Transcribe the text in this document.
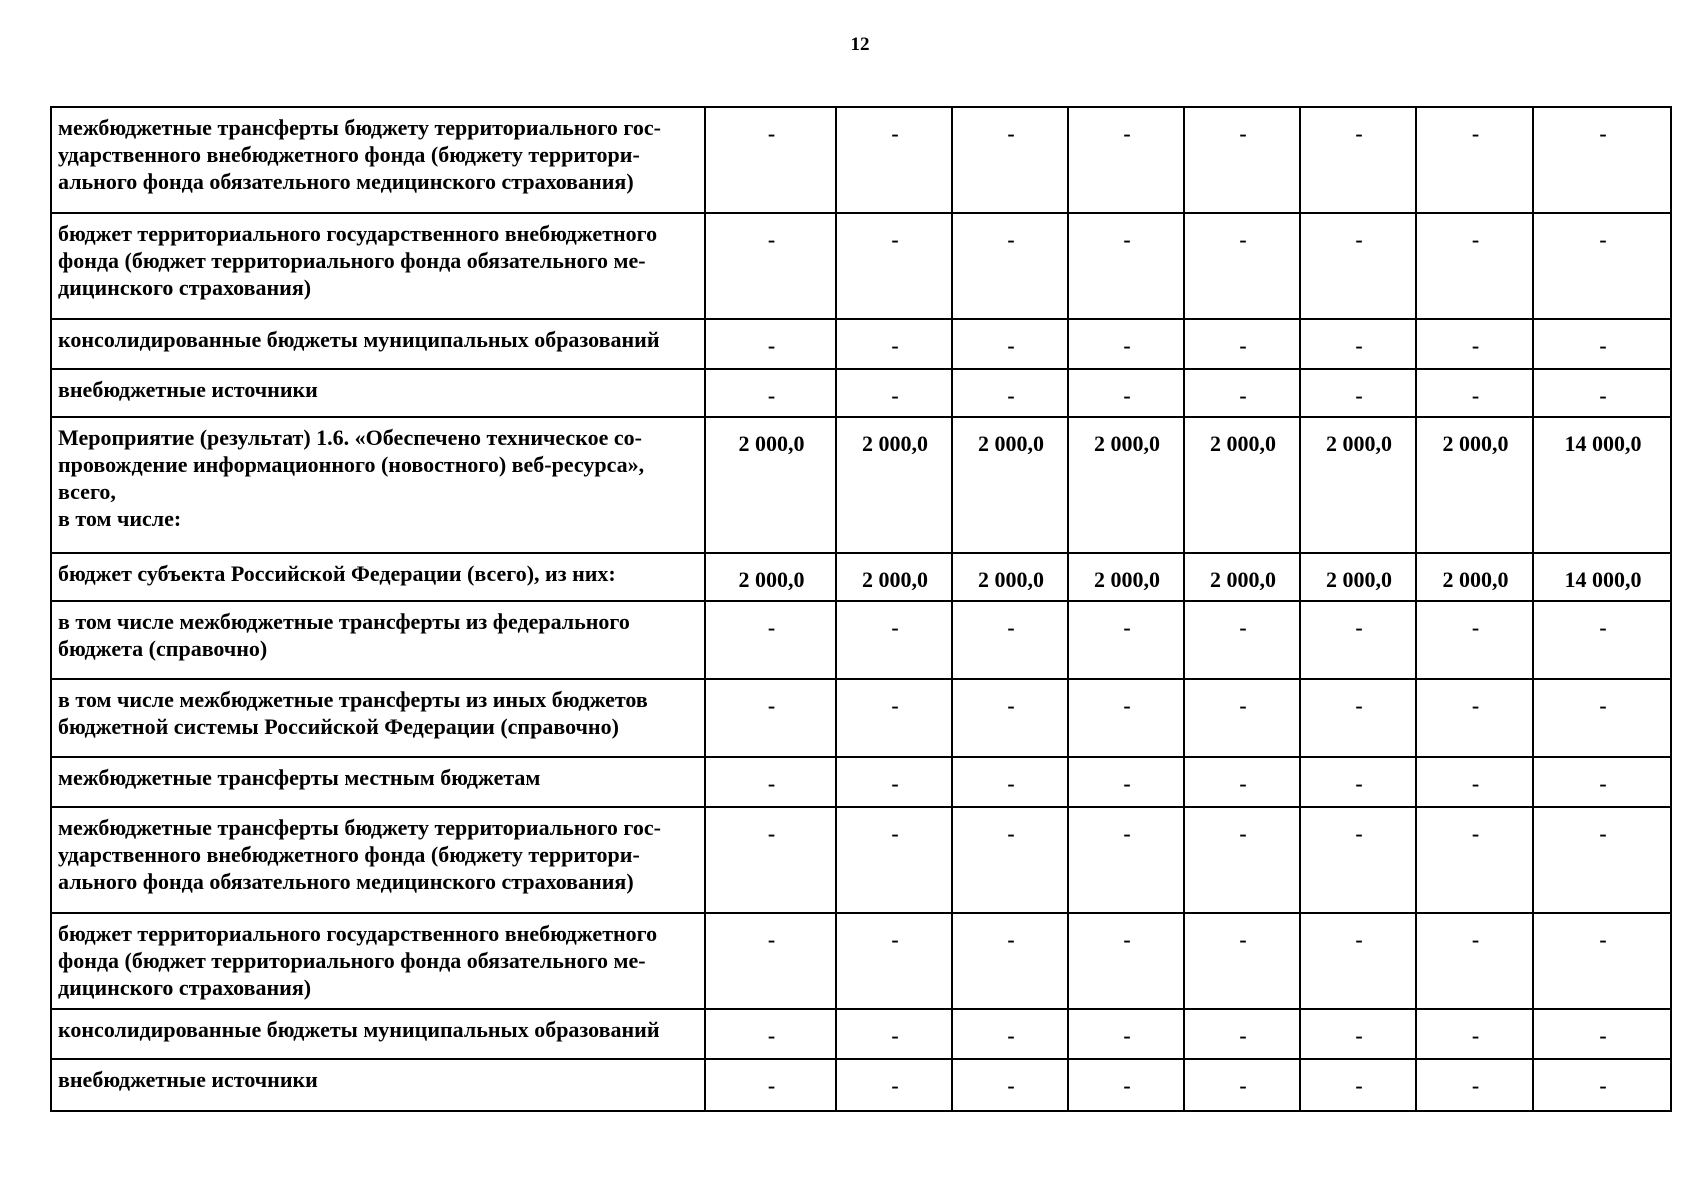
12
межбюджетные трансферты бюджету территориального гос-
ударственного внебюджетного фонда (бюджету территори-
ального фонда обязательного медицинского страхования)	-	-	-	-	-	-	-	-

бюджет территориального государственного внебюджетного
фонда (бюджет территориального фонда обязательного ме-
дицинского страхования)	-	-	-	-	-	-	-	-

консолидированные бюджеты муниципальных образований	-	-	-	-	-	-	-	-

внебюджетные источники	-	-	-	-	-	-	-	-

Мероприятие (результат) 1.6. «Обеспечено техническое со-
провождение информационного (новостного) веб-ресурса»,
всего,
в том числе:	2 000,0	2 000,0	2 000,0	2 000,0	2 000,0	2 000,0	2 000,0	14 000,0

бюджет субъекта Российской Федерации (всего), из них:	2 000,0	2 000,0	2 000,0	2 000,0	2 000,0	2 000,0	2 000,0	14 000,0

в том числе межбюджетные трансферты из федерального
бюджета (справочно)	-	-	-	-	-	-	-	-

в том числе межбюджетные трансферты из иных бюджетов
бюджетной системы Российской Федерации (справочно)	-	-	-	-	-	-	-	-

межбюджетные трансферты местным бюджетам	-	-	-	-	-	-	-	-

межбюджетные трансферты бюджету территориального гос-
ударственного внебюджетного фонда (бюджету территори-
ального фонда обязательного медицинского страхования)	-	-	-	-	-	-	-	-

бюджет территориального государственного внебюджетного
фонда (бюджет территориального фонда обязательного ме-
дицинского страхования)	-	-	-	-	-	-	-	-

консолидированные бюджеты муниципальных образований	-	-	-	-	-	-	-	-

внебюджетные источники	-	-	-	-	-	-	-	-
